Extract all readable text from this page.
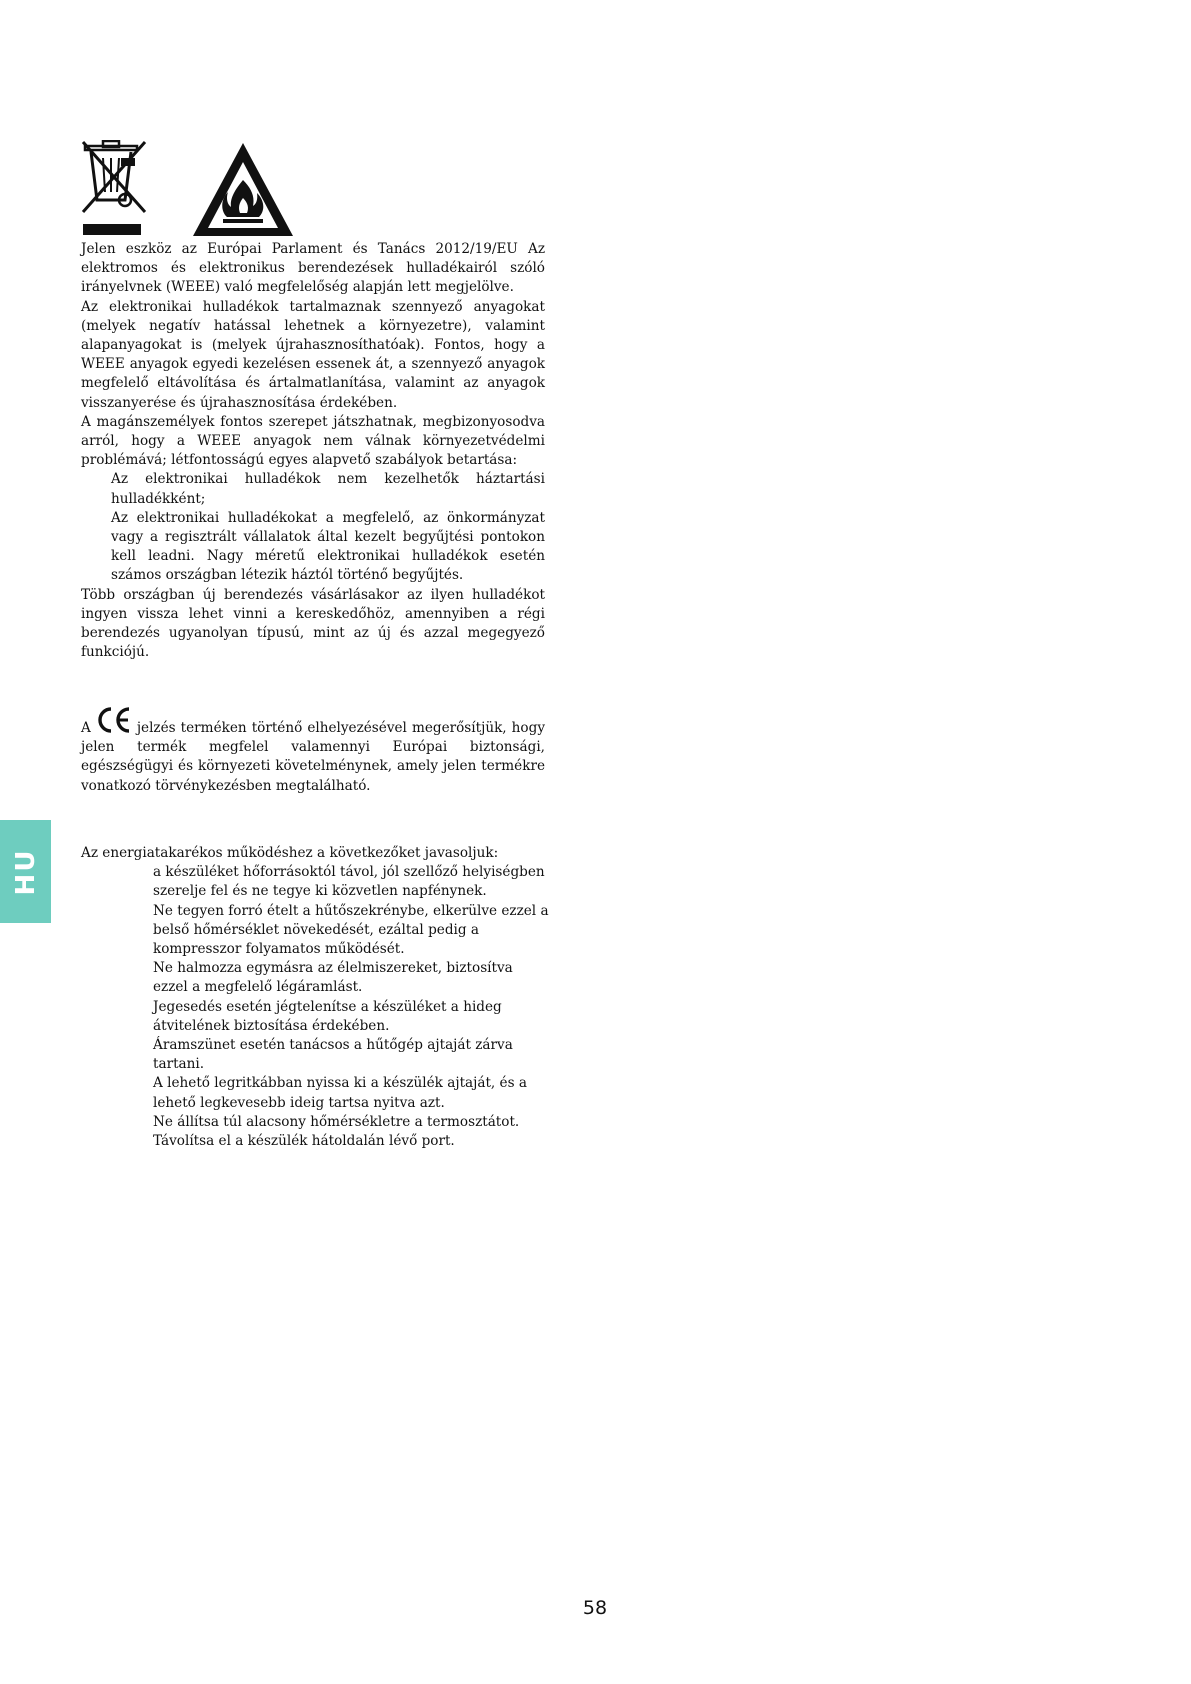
HU

Jelen eszköz az Európai Parlament és Tanács 2012/19/EU Az elektromos és elektronikus berendezések hulladékairól szóló irányelvnek (WEEE) való megfelelőség alapján lett megjelölve.

Az elektronikai hulladékok tartalmaznak szennyező anyagokat (melyek negatív hatással lehetnek a környezetre), valamint alapanyagokat is (melyek újrahasznosíthatóak). Fontos, hogy a WEEE anyagok egyedi kezelésen essenek át, a szennyező anyagok megfelelő eltávolítása és ártalmatlanítása, valamint az anyagok visszanyerése és újrahasznosítása érdekében.

A magánszemélyek fontos szerepet játszhatnak, megbizonyosodva arról, hogy a WEEE anyagok nem válnak környezetvédelmi problémává; létfontosságú egyes alapvető szabályok betartása:

Az elektronikai hulladékok nem kezelhetők háztartási hulladékként;

Az elektronikai hulladékokat a megfelelő, az önkormányzat vagy a regisztrált vállalatok által kezelt begyűjtési pontokon kell leadni. Nagy méretű elektronikai hulladékok esetén számos országban létezik háztól történő begyűjtés.

Több országban új berendezés vásárlásakor az ilyen hulladékot ingyen vissza lehet vinni a kereskedőhöz, amennyiben a régi berendezés ugyanolyan típusú, mint az új és azzal megegyező funkciójú.

A	jelzés terméken történő elhelyezésével megerősítjük, hogy jelen termék megfelel valamennyi Európai biztonsági, egészségügyi és környezeti követelménynek, amely jelen termékre vonatkozó törvénykezésben megtalálható.

Az energiatakarékos működéshez a következőket javasoljuk:

a készüléket hőforrásoktól távol, jól szellőző helyiségben szerelje fel és ne tegye ki közvetlen napfénynek.

Ne tegyen forró ételt a hűtőszekrénybe, elkerülve ezzel a belső hőmérséklet növekedését, ezáltal pedig a kompresszor folyamatos működését.

Ne halmozza egymásra az élelmiszereket, biztosítva ezzel a megfelelő légáramlást.

Jegesedés esetén jégtelenítse a készüléket a hideg átvitelének biztosítása érdekében.

Áramszünet esetén tanácsos a hűtőgép ajtaját zárva tartani.

A lehető legritkábban nyissa ki a készülék ajtaját, és a lehető legkevesebb ideig tartsa nyitva azt.

Ne állítsa túl alacsony hőmérsékletre a termosztátot.

Távolítsa el a készülék hátoldalán lévő port.

58
